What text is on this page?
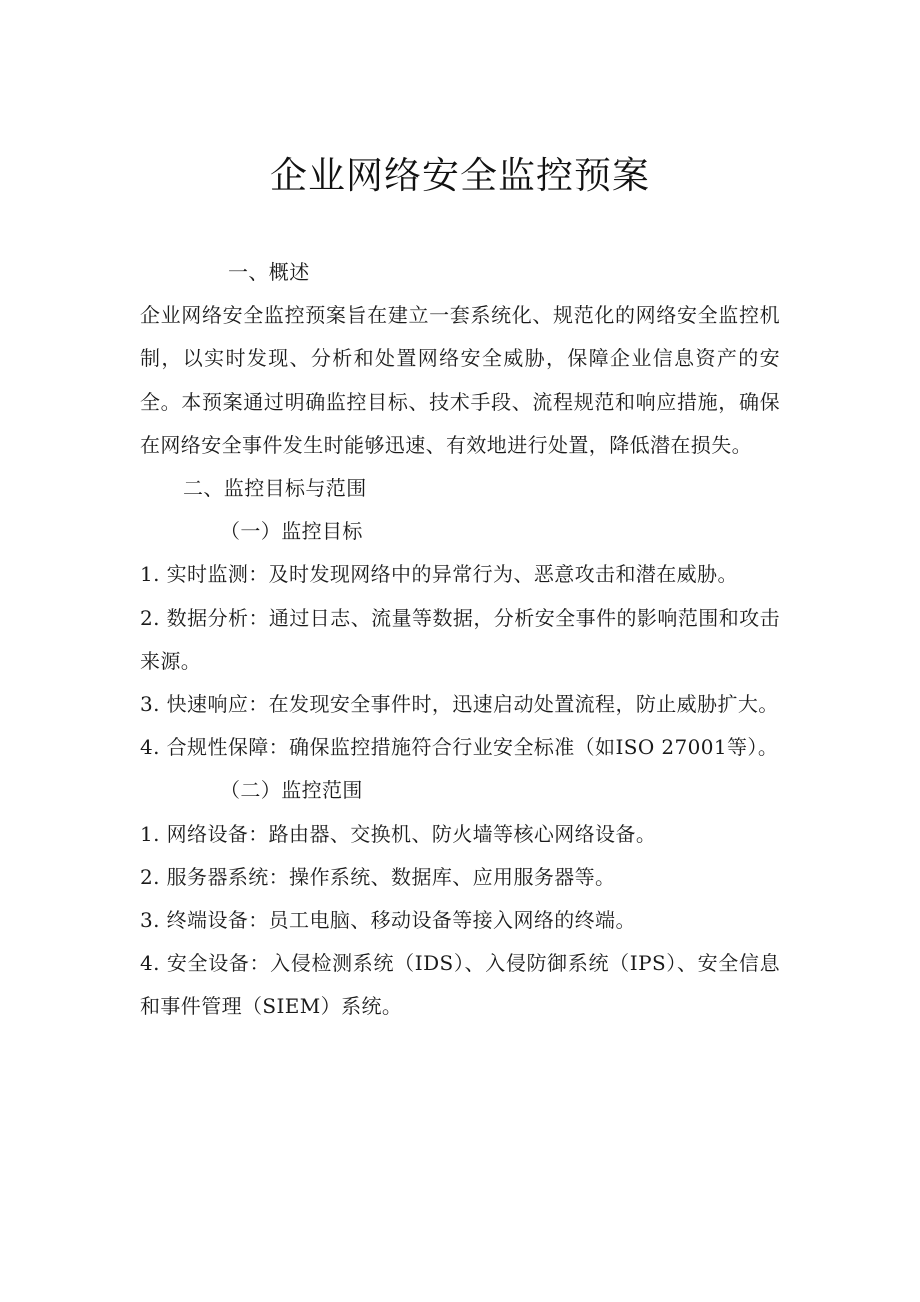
企业网络安全监控预案
一、概述
企业网络安全监控预案旨在建立一套系统化、规范化的网络安全监控机制，以实时发现、分析和处置网络安全威胁，保障企业信息资产的安全。本预案通过明确监控目标、技术手段、流程规范和响应措施，确保在网络安全事件发生时能够迅速、有效地进行处置，降低潜在损失。
二、监控目标与范围
（一）监控目标
1. 实时监测：及时发现网络中的异常行为、恶意攻击和潜在威胁。
2. 数据分析：通过日志、流量等数据，分析安全事件的影响范围和攻击来源。
3. 快速响应：在发现安全事件时，迅速启动处置流程，防止威胁扩大。
4. 合规性保障：确保监控措施符合行业安全标准（如ISO 27001等）。
（二）监控范围
1. 网络设备：路由器、交换机、防火墙等核心网络设备。
2. 服务器系统：操作系统、数据库、应用服务器等。
3. 终端设备：员工电脑、移动设备等接入网络的终端。
4. 安全设备：入侵检测系统（IDS）、入侵防御系统（IPS）、安全信息和事件管理（SIEM）系统。
